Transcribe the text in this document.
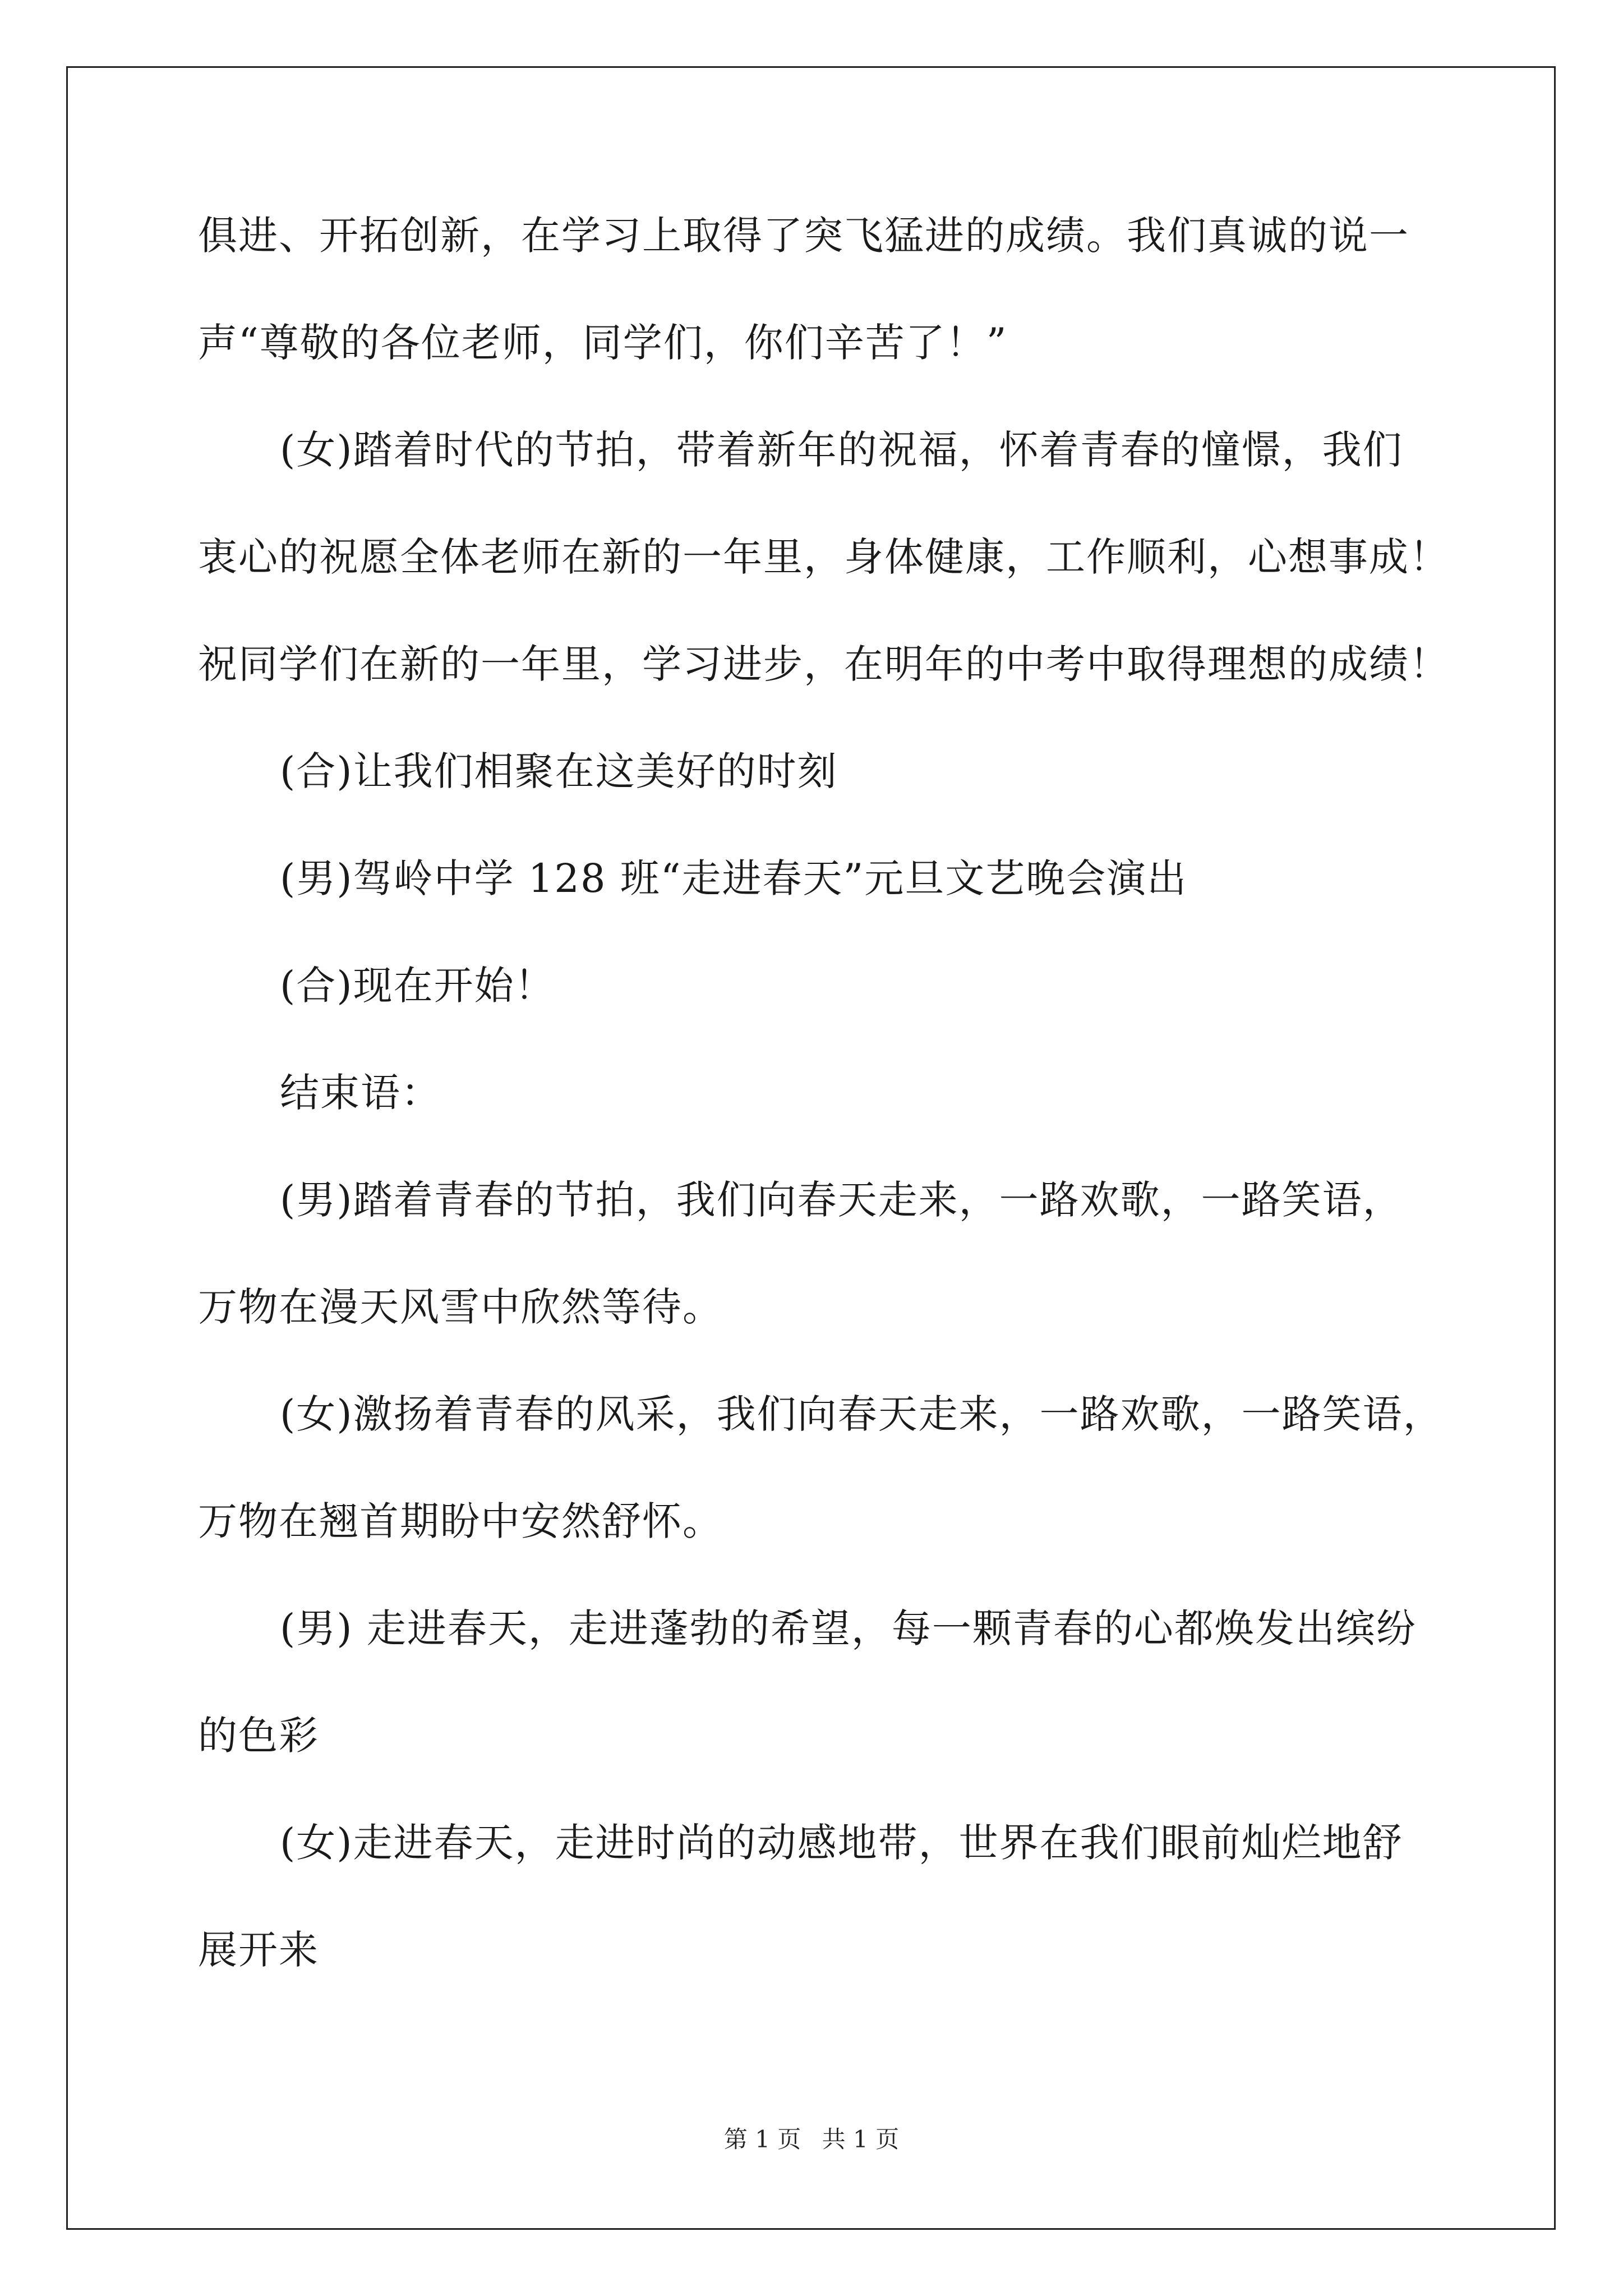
俱进、开拓创新，在学习上取得了突飞猛进的成绩。我们真诚的说一
声“尊敬的各位老师，同学们，你们辛苦了！”
(女)踏着时代的节拍，带着新年的祝福，怀着青春的憧憬，我们
衷心的祝愿全体老师在新的一年里，身体健康，工作顺利，心想事成！
祝同学们在新的一年里，学习进步，在明年的中考中取得理想的成绩！
(合)让我们相聚在这美好的时刻
(男)驾岭中学 128 班“走进春天”元旦文艺晚会演出
(合)现在开始！
结束语：
(男)踏着青春的节拍，我们向春天走来，一路欢歌，一路笑语，
万物在漫天风雪中欣然等待。
(女)激扬着青春的风采，我们向春天走来，一路欢歌，一路笑语，
万物在翘首期盼中安然舒怀。
(男) 走进春天，走进蓬勃的希望，每一颗青春的心都焕发出缤纷
的色彩
(女)走进春天，走进时尚的动感地带，世界在我们眼前灿烂地舒
展开来
第 1 页 共 1 页
